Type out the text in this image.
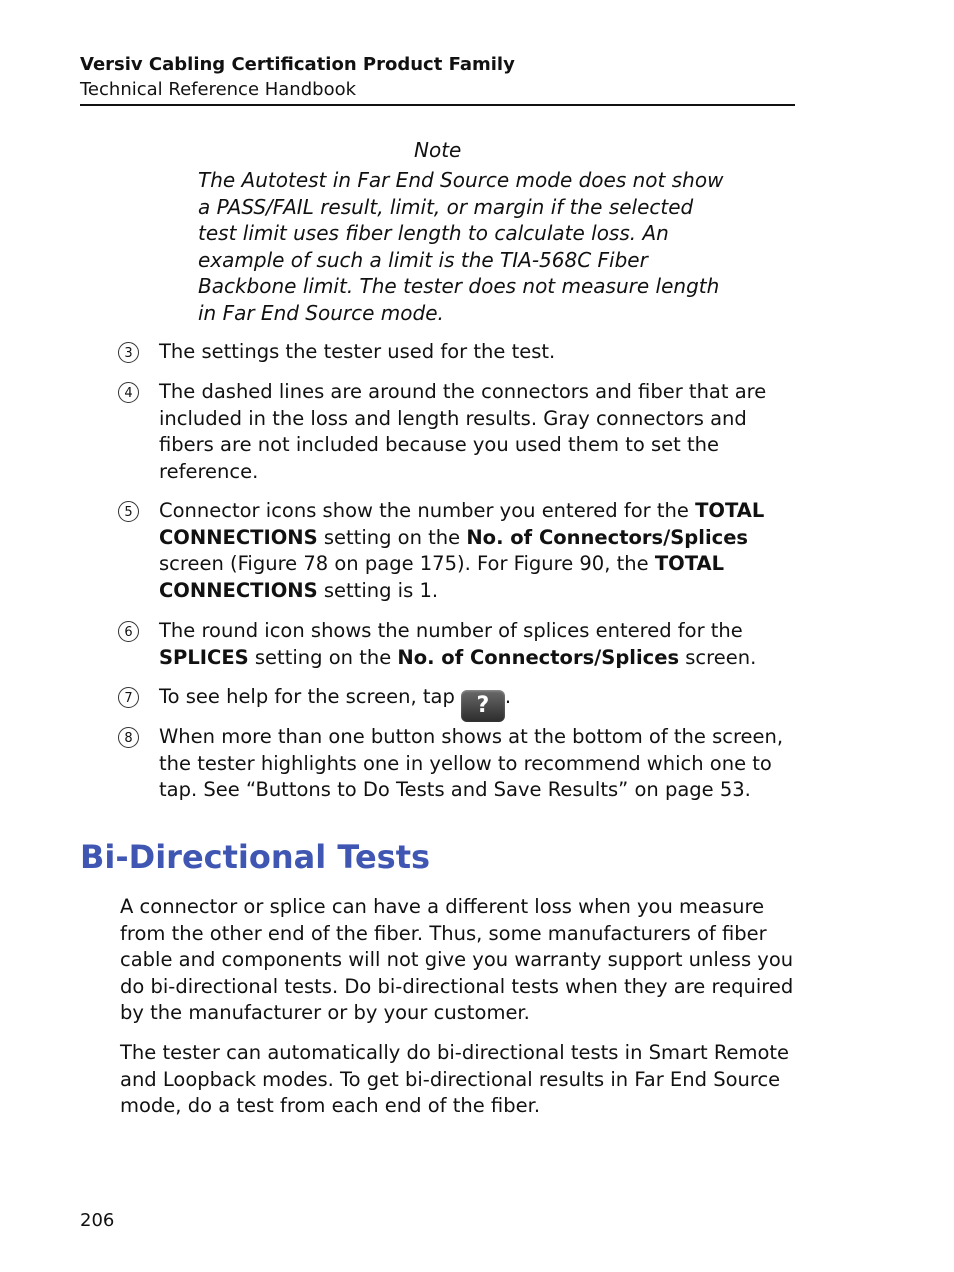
Versiv Cabling Certification Product Family
Technical Reference Handbook
Note
The Autotest in Far End Source mode does not show a PASS/FAIL result, limit, or margin if the selected test limit uses fiber length to calculate loss. An example of such a limit is the TIA-568C Fiber Backbone limit. The tester does not measure length in Far End Source mode.
3	The settings the tester used for the test.
4	The dashed lines are around the connectors and fiber that are included in the loss and length results. Gray connectors and fibers are not included because you used them to set the reference.
5	Connector icons show the number you entered for the TOTAL CONNECTIONS setting on the No. of Connectors/Splices screen (Figure 78 on page 175). For Figure 90, the TOTAL CONNECTIONS setting is 1.
6	The round icon shows the number of splices entered for the SPLICES setting on the No. of Connectors/Splices screen.
7	To see help for the screen, tap ? .
8	When more than one button shows at the bottom of the screen, the tester highlights one in yellow to recommend which one to tap. See “Buttons to Do Tests and Save Results” on page 53.
Bi-Directional Tests
A connector or splice can have a different loss when you measure from the other end of the fiber. Thus, some manufacturers of fiber cable and components will not give you warranty support unless you do bi-directional tests. Do bi-directional tests when they are required by the manufacturer or by your customer.
The tester can automatically do bi-directional tests in Smart Remote and Loopback modes. To get bi-directional results in Far End Source mode, do a test from each end of the fiber.
206
